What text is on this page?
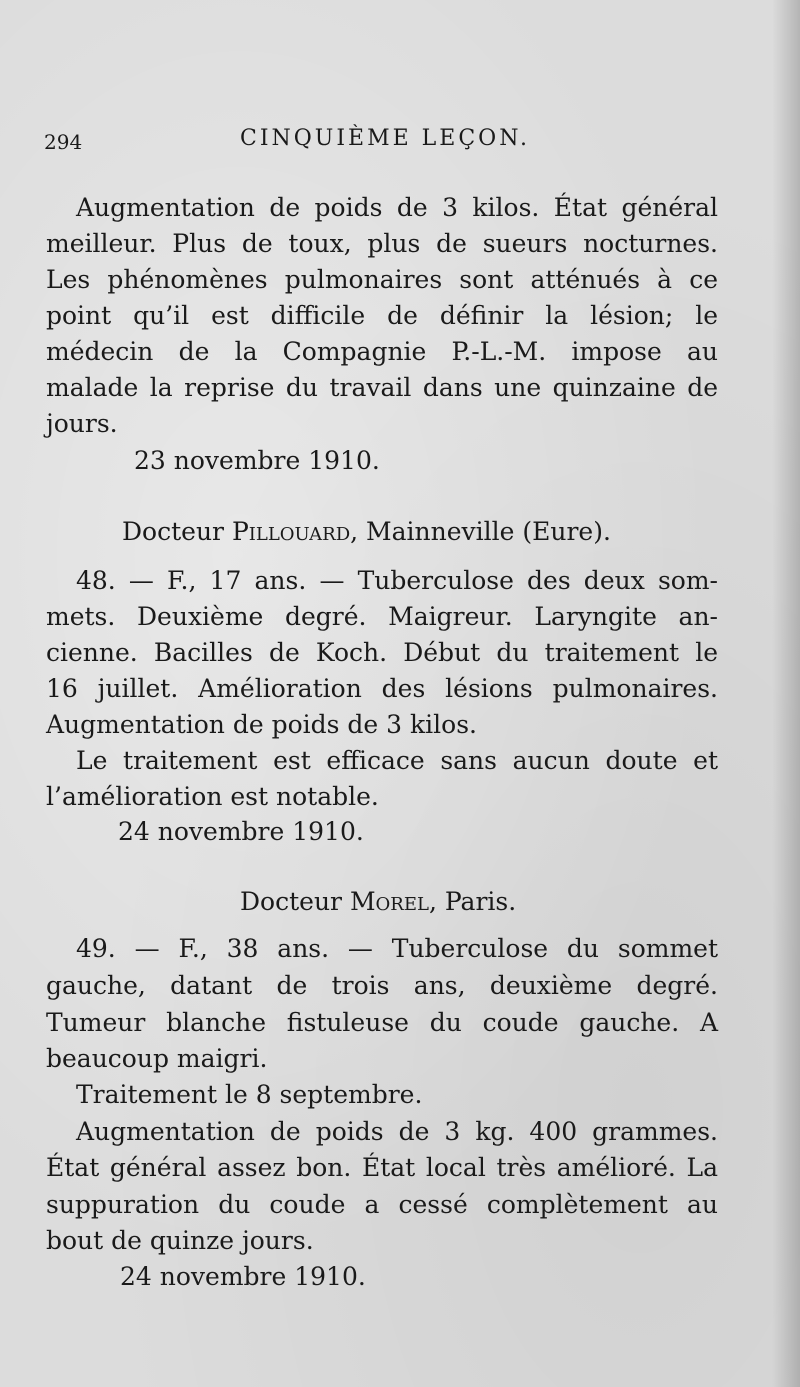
294	CINQUIÈME LEÇON.
Augmentation de poids de 3 kilos. État général
meilleur. Plus de toux, plus de sueurs nocturnes.
Les phénomènes pulmonaires sont atténués à ce
point qu’il est difficile de définir la lésion; le
médecin de la Compagnie P.-L.-M. impose au
malade la reprise du travail dans une quinzaine de
jours.
23 novembre 1910.
Docteur Pillouard, Mainneville (Eure).
48. — F., 17 ans. — Tuberculose des deux som-
mets. Deuxième degré. Maigreur. Laryngite an-
cienne. Bacilles de Koch. Début du traitement le
16 juillet. Amélioration des lésions pulmonaires.
Augmentation de poids de 3 kilos.
Le traitement est efficace sans aucun doute et
l’amélioration est notable.
24 novembre 1910.
Docteur Morel, Paris.
49. — F., 38 ans. — Tuberculose du sommet
gauche, datant de trois ans, deuxième degré.
Tumeur blanche fistuleuse du coude gauche. A
beaucoup maigri.
Traitement le 8 septembre.
Augmentation de poids de 3 kg. 400 grammes.
État général assez bon. État local très amélioré. La
suppuration du coude a cessé complètement au
bout de quinze jours.
24 novembre 1910.
